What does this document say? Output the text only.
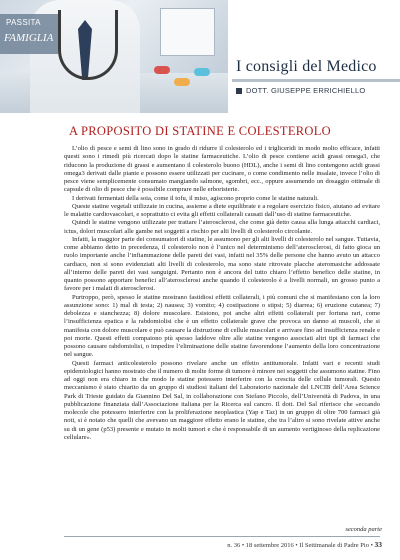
PASSITA
FAMIGLIA
I consigli del Medico
DOTT. GIUSEPPE ERRICHIELLO
A PROPOSITO DI STATINE E COLESTEROLO

L’olio di pesce e semi di lino sono in grado di ridurre il colesterolo ed i trigliceridi in modo molto efficace, infatti questi sono i rimedi più ricercati dopo le statine farmaceutiche. L’olio di pesce contiene acidi grassi omega3, che riducono la produzione di grassi e aumentano il colesterolo buono (HDL), anche i semi di lino contengono acidi grassi omega3 derivati dalle piante e possono essere utilizzati per cucinare, o come condimento nelle insalate, invece l’olio di pesce viene semplicemente consumato mangiando salmone, sgombri, ecc., oppure assumendo un dosaggio ottimale di capsule di olio di pesce che è possibile comprare nelle erboristerie.

I derivati fermentati della soia, come il tofu, il miso, agiscono proprio come le statine naturali.

Queste statine vegetali utilizzate in cucina, assieme a diete equilibrate e a regolare esercizio fisico, aiutano ad evitare le malattie cardiovascolari, e soprattutto ci evita gli effetti collaterali causati dall’uso di statine farmaceutiche.

Quindi le statine vengono utilizzate per trattare l’aterosclerosi, che come già detto causa alla lunga attacchi cardiaci, ictus, dolori muscolari alle gambe nei soggetti a rischio per alti livelli di colesterolo circolante.

Infatti, la maggior parte dei consumatori di statine, le assumono per gli alti livelli di colesterolo nel sangue. Tuttavia, come abbiamo detto in precedenza, il colesterolo non è l’unico nel determinismo dell’aterosclerosi, di fatto gioca un ruolo importante anche l’infiammazione delle pareti dei vasi, infatti nel 35% delle persone che hanno avuto un attacco cardiaco, non si sono evidenziati alti livelli di colesterolo, ma sono state ritrovate placche ateromasiche addossate all’interno delle pareti dei vasi sanguigni. Pertanto non è ancora del tutto chiaro l’effetto benefico delle statine, in quanto possono apportare benefici all’aterosclerosi anche quando il colesterolo è a livelli normali, un grosso punto a favore per i malati di aterosclerosi.

Purtroppo, però, spesso le statine mostrano fastidiosi effetti collaterali, i più comuni che si manifestano con la loro assunzione sono: 1) mal di testa; 2) nausea; 3) vomito; 4) costipazione o stipsi; 5) diarrea; 6) eruzione cutanea; 7) debolezza e stanchezza; 8) dolore muscolare. Esistono, poi anche altri effetti collaterali per fortuna rari, come l’insufficienza epatica e la rabdomiolisi che è un effetto collaterale grave che provoca un danno ai muscoli, che si manifesta con dolore muscolare e può causare la distruzione di cellule muscolari e arrivare fino ad insufficienza renale e poi morte. Questi effetti compaiono più spesso laddove oltre alle statine vengono associati altri tipi di farmaci che possono causare rabdomiolisi, o impedire l’eliminazione delle statine favorendone l’aumento della loro concentrazione nel sangue.

Questi farmaci anticolesterolo possono rivelare anche un effetto antitumorale. Infatti vari e recenti studi epidemiologici hanno mostrato che il numero di molte forme di tumore è minore nei soggetti che assumono statine. Fino ad oggi non era chiaro in che modo le statine potessero interferire con la crescita delle cellule tumorali. Questo meccanismo è stato chiarito da un gruppo di studiosi italiani del Laboratorio nazionale del LNCIB dell’Area Science Park di Trieste guidato da Giannino Del Sal, in collaborazione con Stefano Piccolo, dell’Università di Padova, in una pubblicazione finanziata dall’Associazione italiana per la Ricerca sul cancro. Il dott. Del Sal riferisce che «eccando molecole che potessero interferire con la proliferazione neoplastica (Yap e Taz) in un gruppo di oltre 700 farmaci già noti, si è notato che quelli che avevano un maggiore effetto erano le statine, che tra l’altro si sono rivelate attive anche su di un gene (p53) presente e mutato in molti tumori e che è responsabile di un aumento vertiginoso della replicazione cellulare».

seconda parte
n. 36 • 18 settembre 2016 • Il Settimanale di Padre Pio • 33
